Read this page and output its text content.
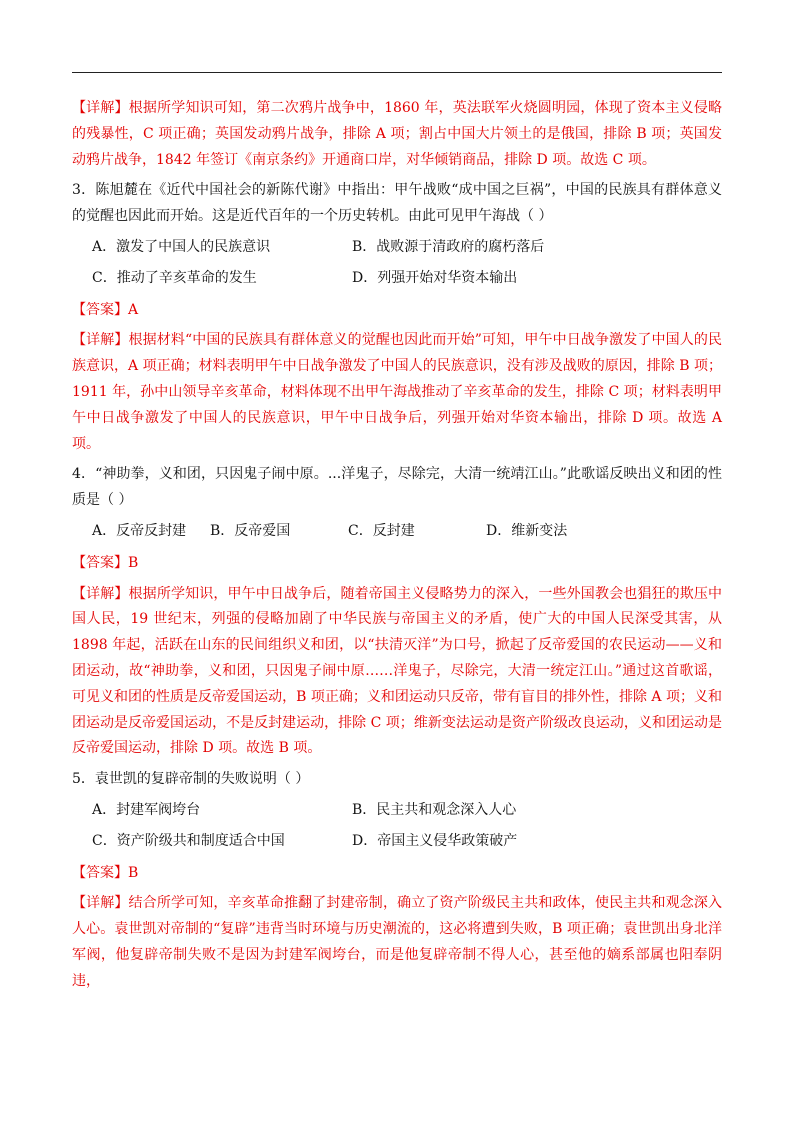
【详解】根据所学知识可知，第二次鸦片战争中，1860 年，英法联军火烧圆明园，体现了资本主义侵略的残暴性，C 项正确；英国发动鸦片战争，排除 A 项；割占中国大片领土的是俄国，排除 B 项；英国发动鸦片战争，1842 年签订《南京条约》开通商口岸，对华倾销商品，排除 D 项。故选 C 项。

3．陈旭麓在《近代中国社会的新陈代谢》中指出：甲午战败“成中国之巨祸”，中国的民族具有群体意义的觉醒也因此而开始。这是近代百年的一个历史转机。由此可见甲午海战（ ）

A．激发了中国人的民族意识	B．战败源于清政府的腐朽落后
C．推动了辛亥革命的发生	D．列强开始对华资本输出

【答案】A

【详解】根据材料“中国的民族具有群体意义的觉醒也因此而开始”可知，甲午中日战争激发了中国人的民族意识，A 项正确；材料表明甲午中日战争激发了中国人的民族意识，没有涉及战败的原因，排除 B 项；1911 年，孙中山领导辛亥革命，材料体现不出甲午海战推动了辛亥革命的发生，排除 C 项；材料表明甲午中日战争激发了中国人的民族意识，甲午中日战争后，列强开始对华资本输出，排除 D 项。故选 A 项。

4．“神助拳，义和团，只因鬼子闹中原。...洋鬼子，尽除完，大清一统靖江山。”此歌谣反映出义和团的性质是（ ）

A．反帝反封建	B．反帝爱国	C．反封建	D．维新变法

【答案】B

【详解】根据所学知识，甲午中日战争后，随着帝国主义侵略势力的深入，一些外国教会也猖狂的欺压中国人民，19 世纪末，列强的侵略加剧了中华民族与帝国主义的矛盾，使广大的中国人民深受其害，从 1898 年起，活跃在山东的民间组织义和团，以“扶清灭洋”为口号，掀起了反帝爱国的农民运动——义和团运动，故“神助拳，义和团，只因鬼子闹中原……洋鬼子，尽除完，大清一统定江山。”通过这首歌谣，可见义和团的性质是反帝爱国运动，B 项正确；义和团运动只反帝，带有盲目的排外性，排除 A 项；义和团运动是反帝爱国运动，不是反封建运动，排除 C 项；维新变法运动是资产阶级改良运动，义和团运动是反帝爱国运动，排除 D 项。故选 B 项。

5．袁世凯的复辟帝制的失败说明（ ）

A．封建军阀垮台	B．民主共和观念深入人心
C．资产阶级共和制度适合中国	D．帝国主义侵华政策破产

【答案】B

【详解】结合所学可知，辛亥革命推翻了封建帝制，确立了资产阶级民主共和政体，使民主共和观念深入人心。袁世凯对帝制的“复辟”违背当时环境与历史潮流的，这必将遭到失败，B 项正确；袁世凯出身北洋军阀，他复辟帝制失败不是因为封建军阀垮台，而是他复辟帝制不得人心，甚至他的嫡系部属也阳奉阴违，
